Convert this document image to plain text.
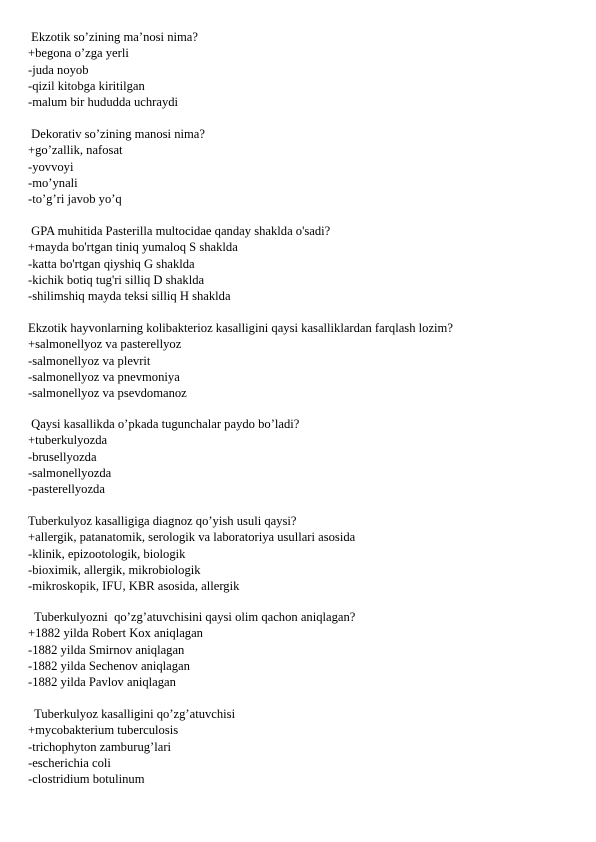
Ekzotik so’zining ma’nosi nima?
+begona o’zga yerli
-juda noyob
-qizil kitobga kiritilgan
-malum bir hududda uchraydi
Dekorativ so’zining manosi nima?
+go’zallik, nafosat
-yovvoyi
-mo’ynali
-to’g’ri javob yo’q
GPA muhitida Pasterilla multocidae qanday shaklda o'sadi?
+mayda bo'rtgan tiniq yumaloq S shaklda
-katta bo'rtgan qiyshiq G shaklda
-kichik botiq tug'ri silliq D shaklda
-shilimshiq mayda teksi silliq H shaklda
Ekzotik hayvonlarning kolibakterioz kasalligini qaysi kasalliklardan farqlash lozim?
+salmonellyoz va pasterellyoz
-salmonellyoz va plevrit
-salmonellyoz va pnevmoniya
-salmonellyoz va psevdomanoz
Qaysi kasallikda o’pkada tugunchalar paydo bo’ladi?
+tuberkulyozda
-brusellyozda
-salmonellyozda
-pasterellyozda
Tuberkulyoz kasalligiga diagnoz qo’yish usuli qaysi?
+allergik, patanatomik, serologik va laboratoriya usullari asosida
-klinik, epizootologik, biologik
-bioximik, allergik, mikrobiologik
-mikroskopik, IFU, KBR asosida, allergik
Tuberkulyozni  qo’zg’atuvchisini qaysi olim qachon aniqlagan?
+1882 yilda Robert Kox aniqlagan
-1882 yilda Smirnov aniqlagan
-1882 yilda Sechenov aniqlagan
-1882 yilda Pavlov aniqlagan
Tuberkulyoz kasalligini qo’zg’atuvchisi
+mycobakterium tuberculosis
-trichophyton zamburug’lari
-escherichia coli
-clostridium botulinum
